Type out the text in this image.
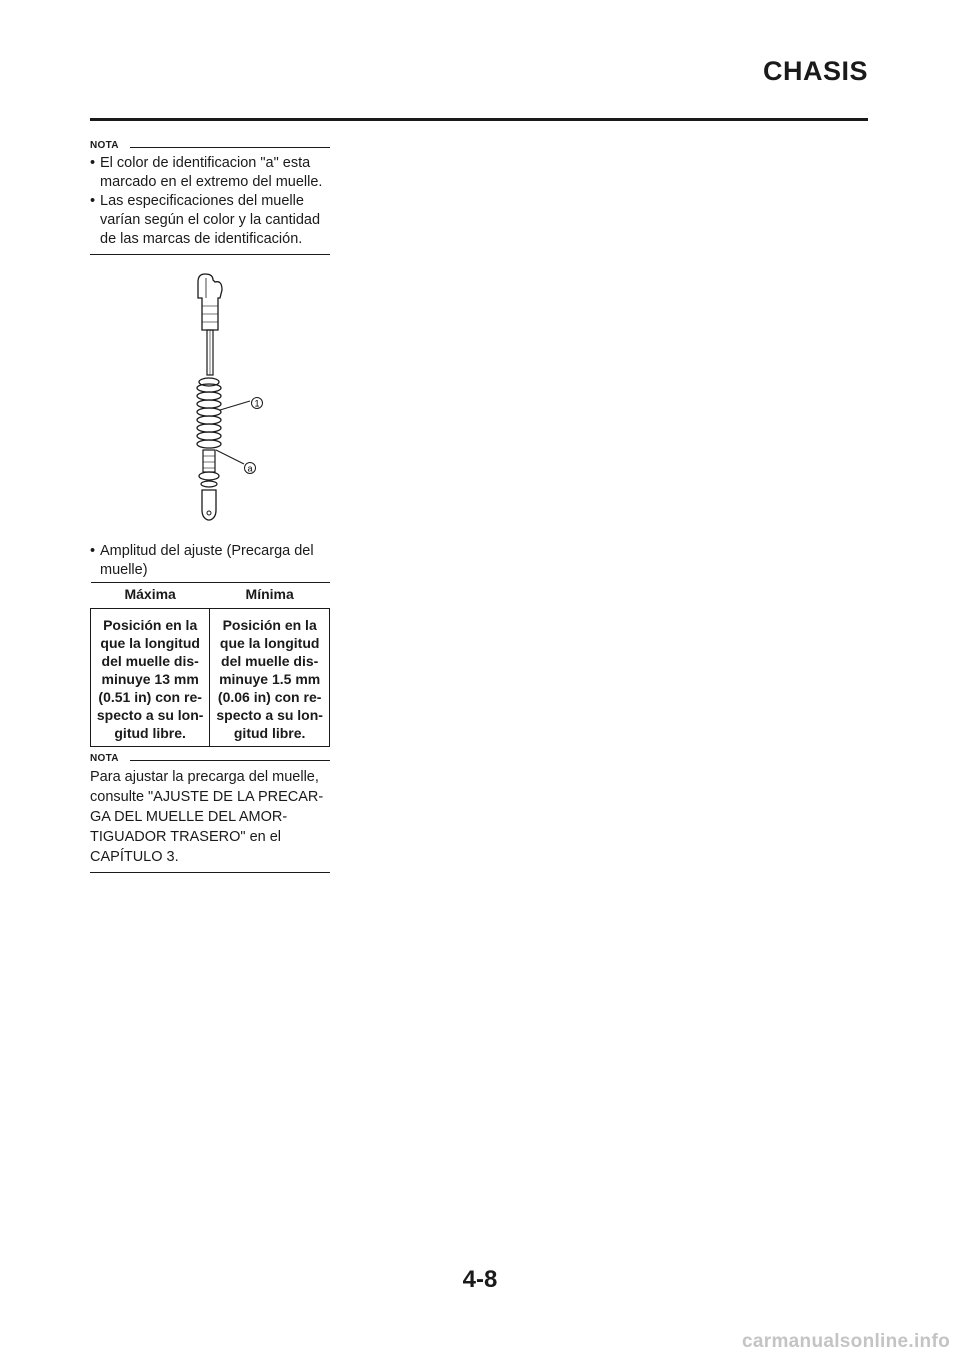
CHASIS
NOTA
• El color de identificacion "a" esta marcado en el extremo del muelle.
• Las especificaciones del muelle varían según el color y la cantidad de las marcas de identificación.
1
a
• Amplitud del ajuste (Precarga del muelle)
Máxima	Mínima
Posición en la que la longitud del muelle dis- minuye 13 mm (0.51 in) con re- specto a su lon- gitud libre.	Posición en la que la longitud del muelle dis- minuye 1.5 mm (0.06 in) con re- specto a su lon- gitud libre.
NOTA
Para ajustar la precarga del muelle, consulte "AJUSTE DE LA PRECAR- GA DEL MUELLE DEL AMOR- TIGUADOR TRASERO" en el CAPÍTULO 3.
4-8
carmanualsonline.info
